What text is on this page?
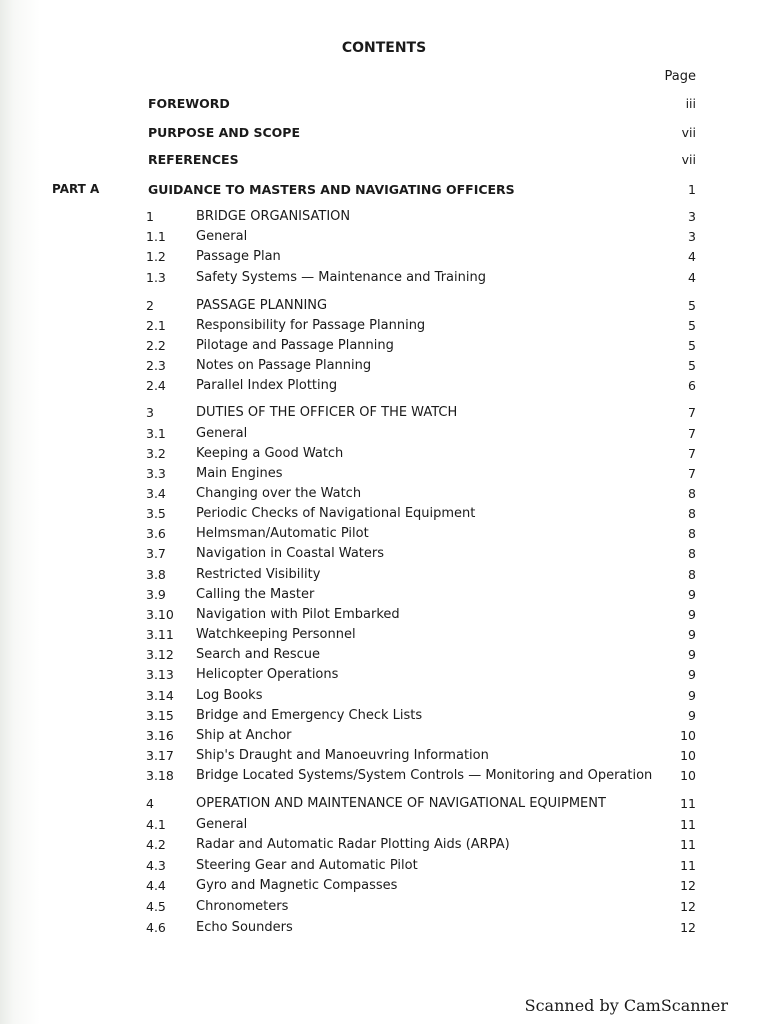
CONTENTS
Page
FOREWORD	iii
PURPOSE AND SCOPE	vii
REFERENCES	vii
PART A	GUIDANCE TO MASTERS AND NAVIGATING OFFICERS	1
1	BRIDGE ORGANISATION	3
1.1 General	3
1.2 Passage Plan	4
1.3 Safety Systems — Maintenance and Training	4
2	PASSAGE PLANNING	5
2.1 Responsibility for Passage Planning	5
2.2 Pilotage and Passage Planning	5
2.3 Notes on Passage Planning	5
2.4 Parallel Index Plotting	6
3	DUTIES OF THE OFFICER OF THE WATCH	7
3.1 General	7
3.2 Keeping a Good Watch	7
3.3 Main Engines	7
3.4 Changing over the Watch	8
3.5 Periodic Checks of Navigational Equipment	8
3.6 Helmsman/Automatic Pilot	8
3.7 Navigation in Coastal Waters	8
3.8 Restricted Visibility	8
3.9 Calling the Master	9
3.10 Navigation with Pilot Embarked	9
3.11 Watchkeeping Personnel	9
3.12 Search and Rescue	9
3.13 Helicopter Operations	9
3.14 Log Books	9
3.15 Bridge and Emergency Check Lists	9
3.16 Ship at Anchor	10
3.17 Ship's Draught and Manoeuvring Information	10
3.18 Bridge Located Systems/System Controls — Monitoring and Operation	10
4	OPERATION AND MAINTENANCE OF NAVIGATIONAL EQUIPMENT	11
4.1 General	11
4.2 Radar and Automatic Radar Plotting Aids (ARPA)	11
4.3 Steering Gear and Automatic Pilot	11
4.4 Gyro and Magnetic Compasses	12
4.5 Chronometers	12
4.6 Echo Sounders	12
Scanned by CamScanner
